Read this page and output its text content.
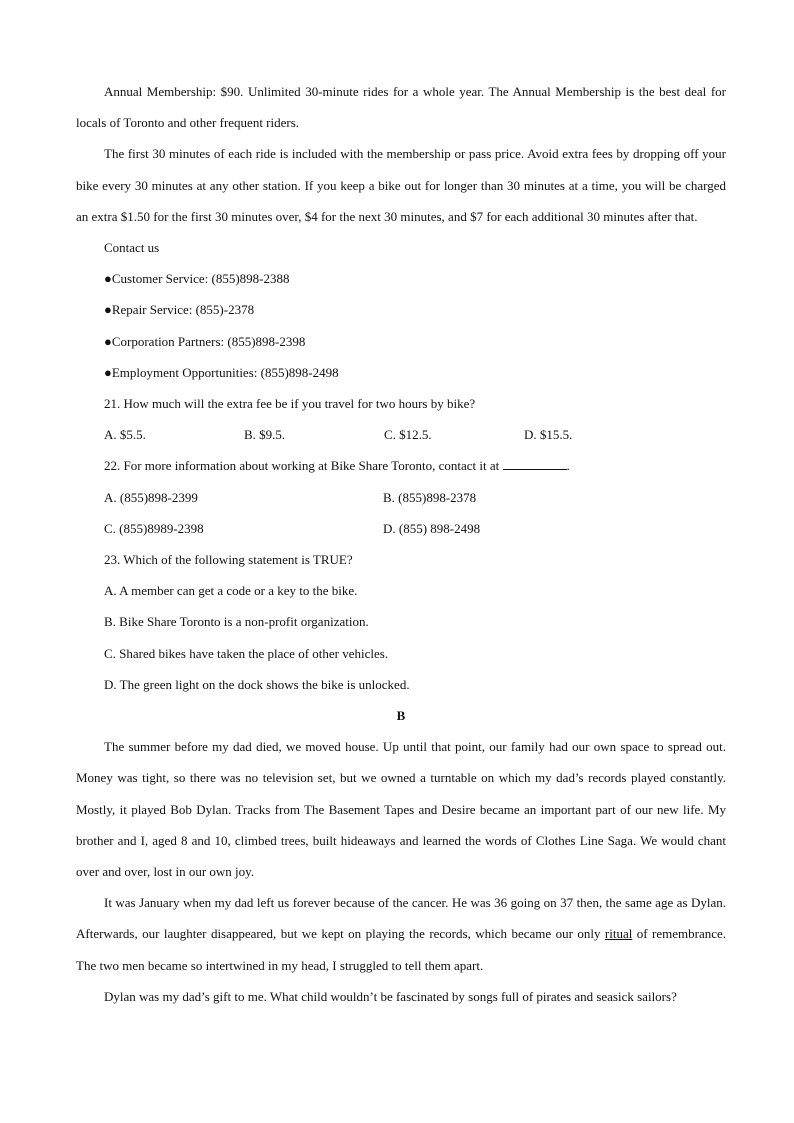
Annual Membership: $90. Unlimited 30-minute rides for a whole year. The Annual Membership is the best deal for locals of Toronto and other frequent riders.

The first 30 minutes of each ride is included with the membership or pass price. Avoid extra fees by dropping off your bike every 30 minutes at any other station. If you keep a bike out for longer than 30 minutes at a time, you will be charged an extra $1.50 for the first 30 minutes over, $4 for the next 30 minutes, and $7 for each additional 30 minutes after that.

Contact us

●Customer Service: (855)898-2388

●Repair Service: (855)-2378

●Corporation Partners: (855)898-2398

●Employment Opportunities: (855)898-2498

21. How much will the extra fee be if you travel for two hours by bike?

A. $5.5.	B. $9.5.	C. $12.5.	D. $15.5.

22. For more information about working at Bike Share Toronto, contact it at	.

A. (855)898-2399	B. (855)898-2378
C. (855)8989-2398	D. (855) 898-2498

23. Which of the following statement is TRUE?

A. A member can get a code or a key to the bike.

B. Bike Share Toronto is a non-profit organization.

C. Shared bikes have taken the place of other vehicles.

D. The green light on the dock shows the bike is unlocked.

B

The summer before my dad died, we moved house. Up until that point, our family had our own space to spread out. Money was tight, so there was no television set, but we owned a turntable on which my dad’s records played constantly. Mostly, it played Bob Dylan. Tracks from The Basement Tapes and Desire became an important part of our new life. My brother and I, aged 8 and 10, climbed trees, built hideaways and learned the words of Clothes Line Saga. We would chant over and over, lost in our own joy.

It was January when my dad left us forever because of the cancer. He was 36 going on 37 then, the same age as Dylan. Afterwards, our laughter disappeared, but we kept on playing the records, which became our only ritual of remembrance. The two men became so intertwined in my head, I struggled to tell them apart.

Dylan was my dad’s gift to me. What child wouldn’t be fascinated by songs full of pirates and seasick sailors?
